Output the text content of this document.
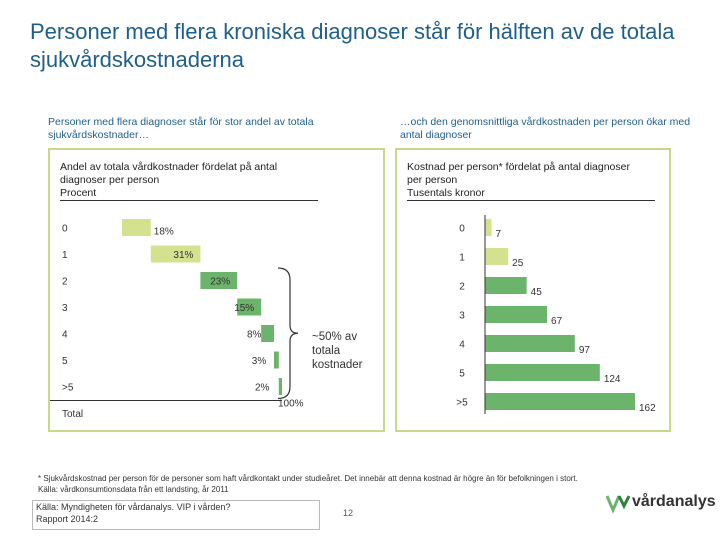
Personer med flera kroniska diagnoser står för hälften av de totala sjukvårdskostnaderna
Personer med flera diagnoser står för stor andel av totala sjukvårdskostnader…
…och den genomsnittliga vårdkostnaden per person ökar med antal diagnoser
Andel av totala vårdkostnader fördelat på antal
diagnoser per person
Procent
Kostnad per person* fördelat på antal diagnoser
per person
Tusentals kronor
0	18%
1	31%
2	23%
3	15%
4	8%
5	3%
>5	2%
Total
100%
~50% av
totala
kostnader
0	7
1	25
2	45
3	67
4	97
5	124
>5	162
* Sjukvårdskostnad per person för de personer som haft vårdkontakt under studieåret. Det innebär att denna kostnad är högre än för befolkningen i stort.
Källa: vårdkonsumtionsdata från ett landsting, år 2011
Källa: Myndigheten för vårdanalys. VIP i vården?
Rapport 2014:2
12
vårdanalys
